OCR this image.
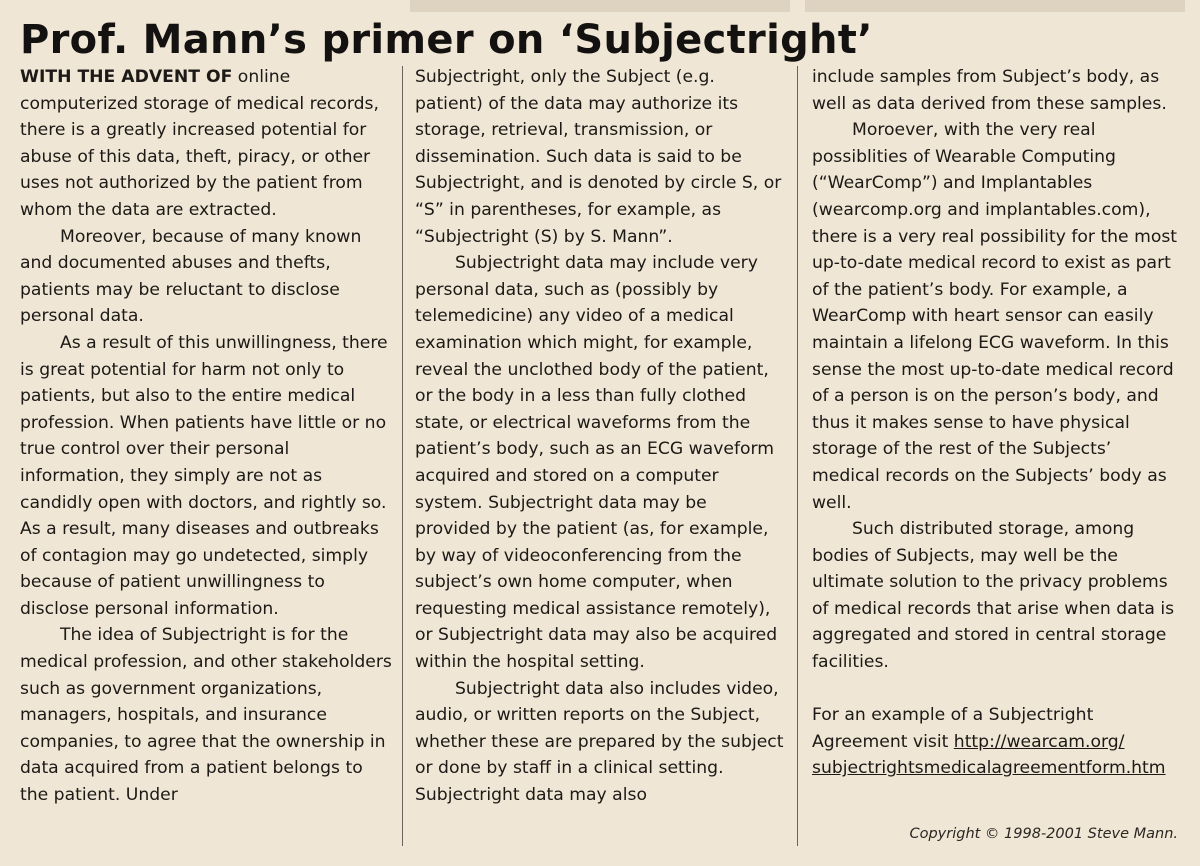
Prof. Mann’s primer on ‘Subjectright’

WITH THE ADVENT OF online computerized storage of medical records, there is a greatly increased potential for abuse of this data, theft, piracy, or other uses not authorized by the patient from whom the data are extracted.

Moreover, because of many known and documented abuses and thefts, patients may be reluctant to disclose personal data.

As a result of this unwillingness, there is great potential for harm not only to patients, but also to the entire medical profession. When patients have little or no true control over their personal information, they simply are not as candidly open with doctors, and rightly so. As a result, many diseases and outbreaks of contagion may go undetected, simply because of patient unwillingness to disclose personal information.

The idea of Subjectright is for the medical profession, and other stakeholders such as government organizations, managers, hospitals, and insurance companies, to agree that the ownership in data acquired from a patient belongs to the patient. Under

Subjectright, only the Subject (e.g. patient) of the data may authorize its storage, retrieval, transmission, or dissemination. Such data is said to be Subjectright, and is denoted by circle S, or “S” in parentheses, for example, as “Subjectright (S) by S. Mann”.

Subjectright data may include very personal data, such as (possibly by telemedicine) any video of a medical examination which might, for example, reveal the unclothed body of the patient, or the body in a less than fully clothed state, or electrical waveforms from the patient’s body, such as an ECG waveform acquired and stored on a computer system. Subjectright data may be provided by the patient (as, for example, by way of videoconferencing from the subject’s own home computer, when requesting medical assistance remotely), or Subjectright data may also be acquired within the hospital setting.

Subjectright data also includes video, audio, or written reports on the Subject, whether these are prepared by the subject or done by staff in a clinical setting. Subjectright data may also

include samples from Subject’s body, as well as data derived from these samples.

Moroever, with the very real possiblities of Wearable Computing (“WearComp”) and Implantables (wearcomp.org and implantables.com), there is a very real possibility for the most up-to-date medical record to exist as part of the patient’s body. For example, a WearComp with heart sensor can easily maintain a lifelong ECG waveform. In this sense the most up-to-date medical record of a person is on the person’s body, and thus it makes sense to have physical storage of the rest of the Subjects’ medical records on the Subjects’ body as well.

Such distributed storage, among bodies of Subjects, may well be the ultimate solution to the privacy problems of medical records that arise when data is aggregated and stored in central storage facilities.

For an example of a Subjectright Agreement visit http://wearcam.org/ subjectrightsmedicalagreementform.htm

Copyright © 1998-2001 Steve Mann.
